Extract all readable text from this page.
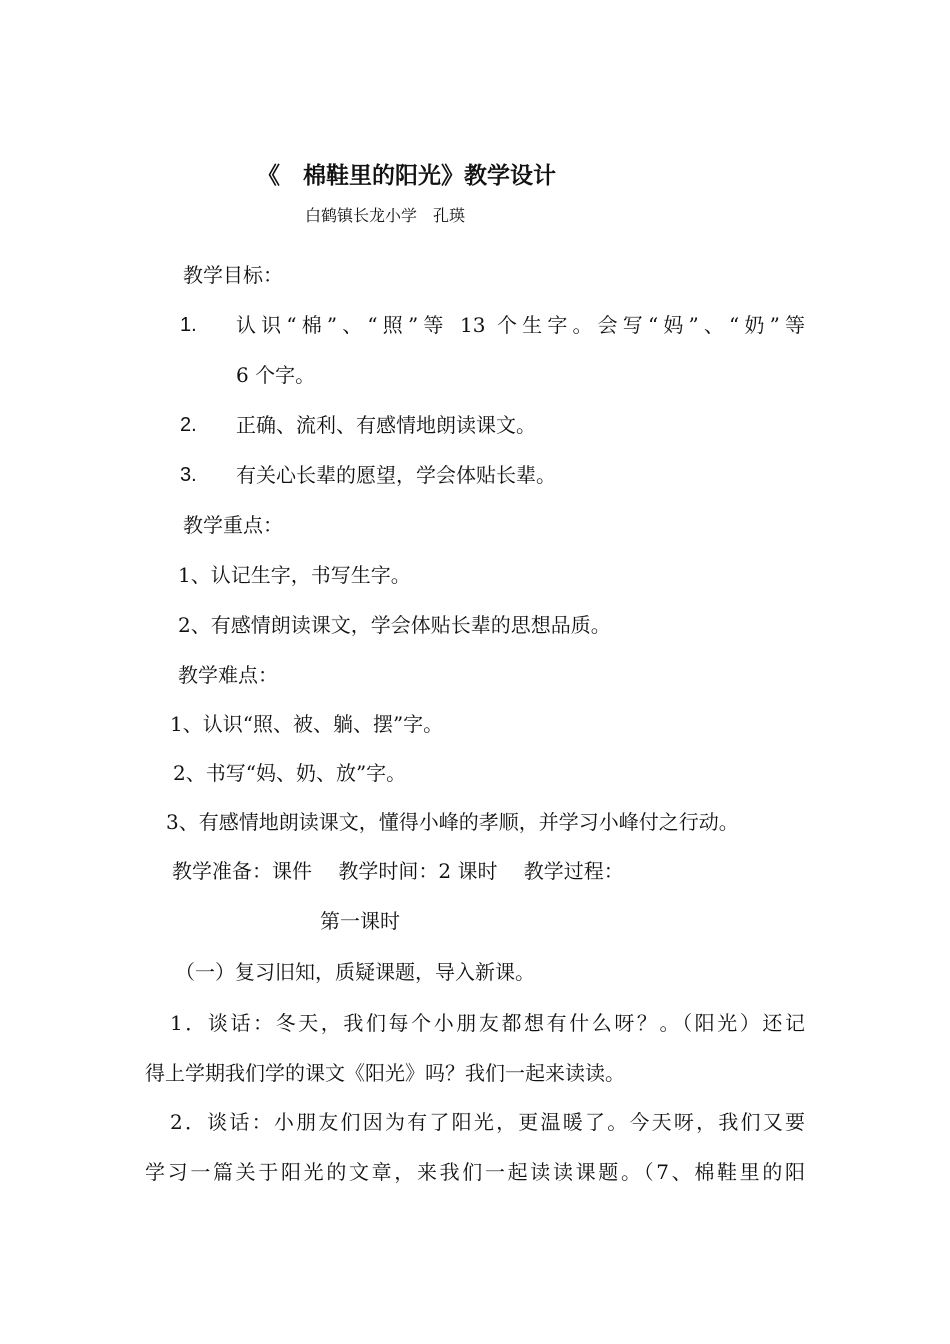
《　棉鞋里的阳光》教学设计
白鹤镇长龙小学　孔瑛
教学目标：
1. 认识“棉”、“照”等 13 个生字。会写“妈”、“奶”等
6 个字。
2. 正确、流利、有感情地朗读课文。
3. 有关心长辈的愿望，学会体贴长辈。
教学重点：
1、认记生字，书写生字。
2、有感情朗读课文，学会体贴长辈的思想品质。
教学难点：
1、认识“照、被、躺、摆”字。
2、书写“妈、奶、放”字。
3、有感情地朗读课文，懂得小峰的孝顺，并学习小峰付之行动。
教学准备：课件　 教学时间：2 课时　 教学过程：
第一课时
（一）复习旧知，质疑课题，导入新课。
1．谈话：冬天，我们每个小朋友都想有什么呀？。（阳光）还记
得上学期我们学的课文《阳光》吗？我们一起来读读。
2．谈话：小朋友们因为有了阳光，更温暖了。今天呀，我们又要
学习一篇关于阳光的文章，来我们一起读读课题。（7、棉鞋里的阳
